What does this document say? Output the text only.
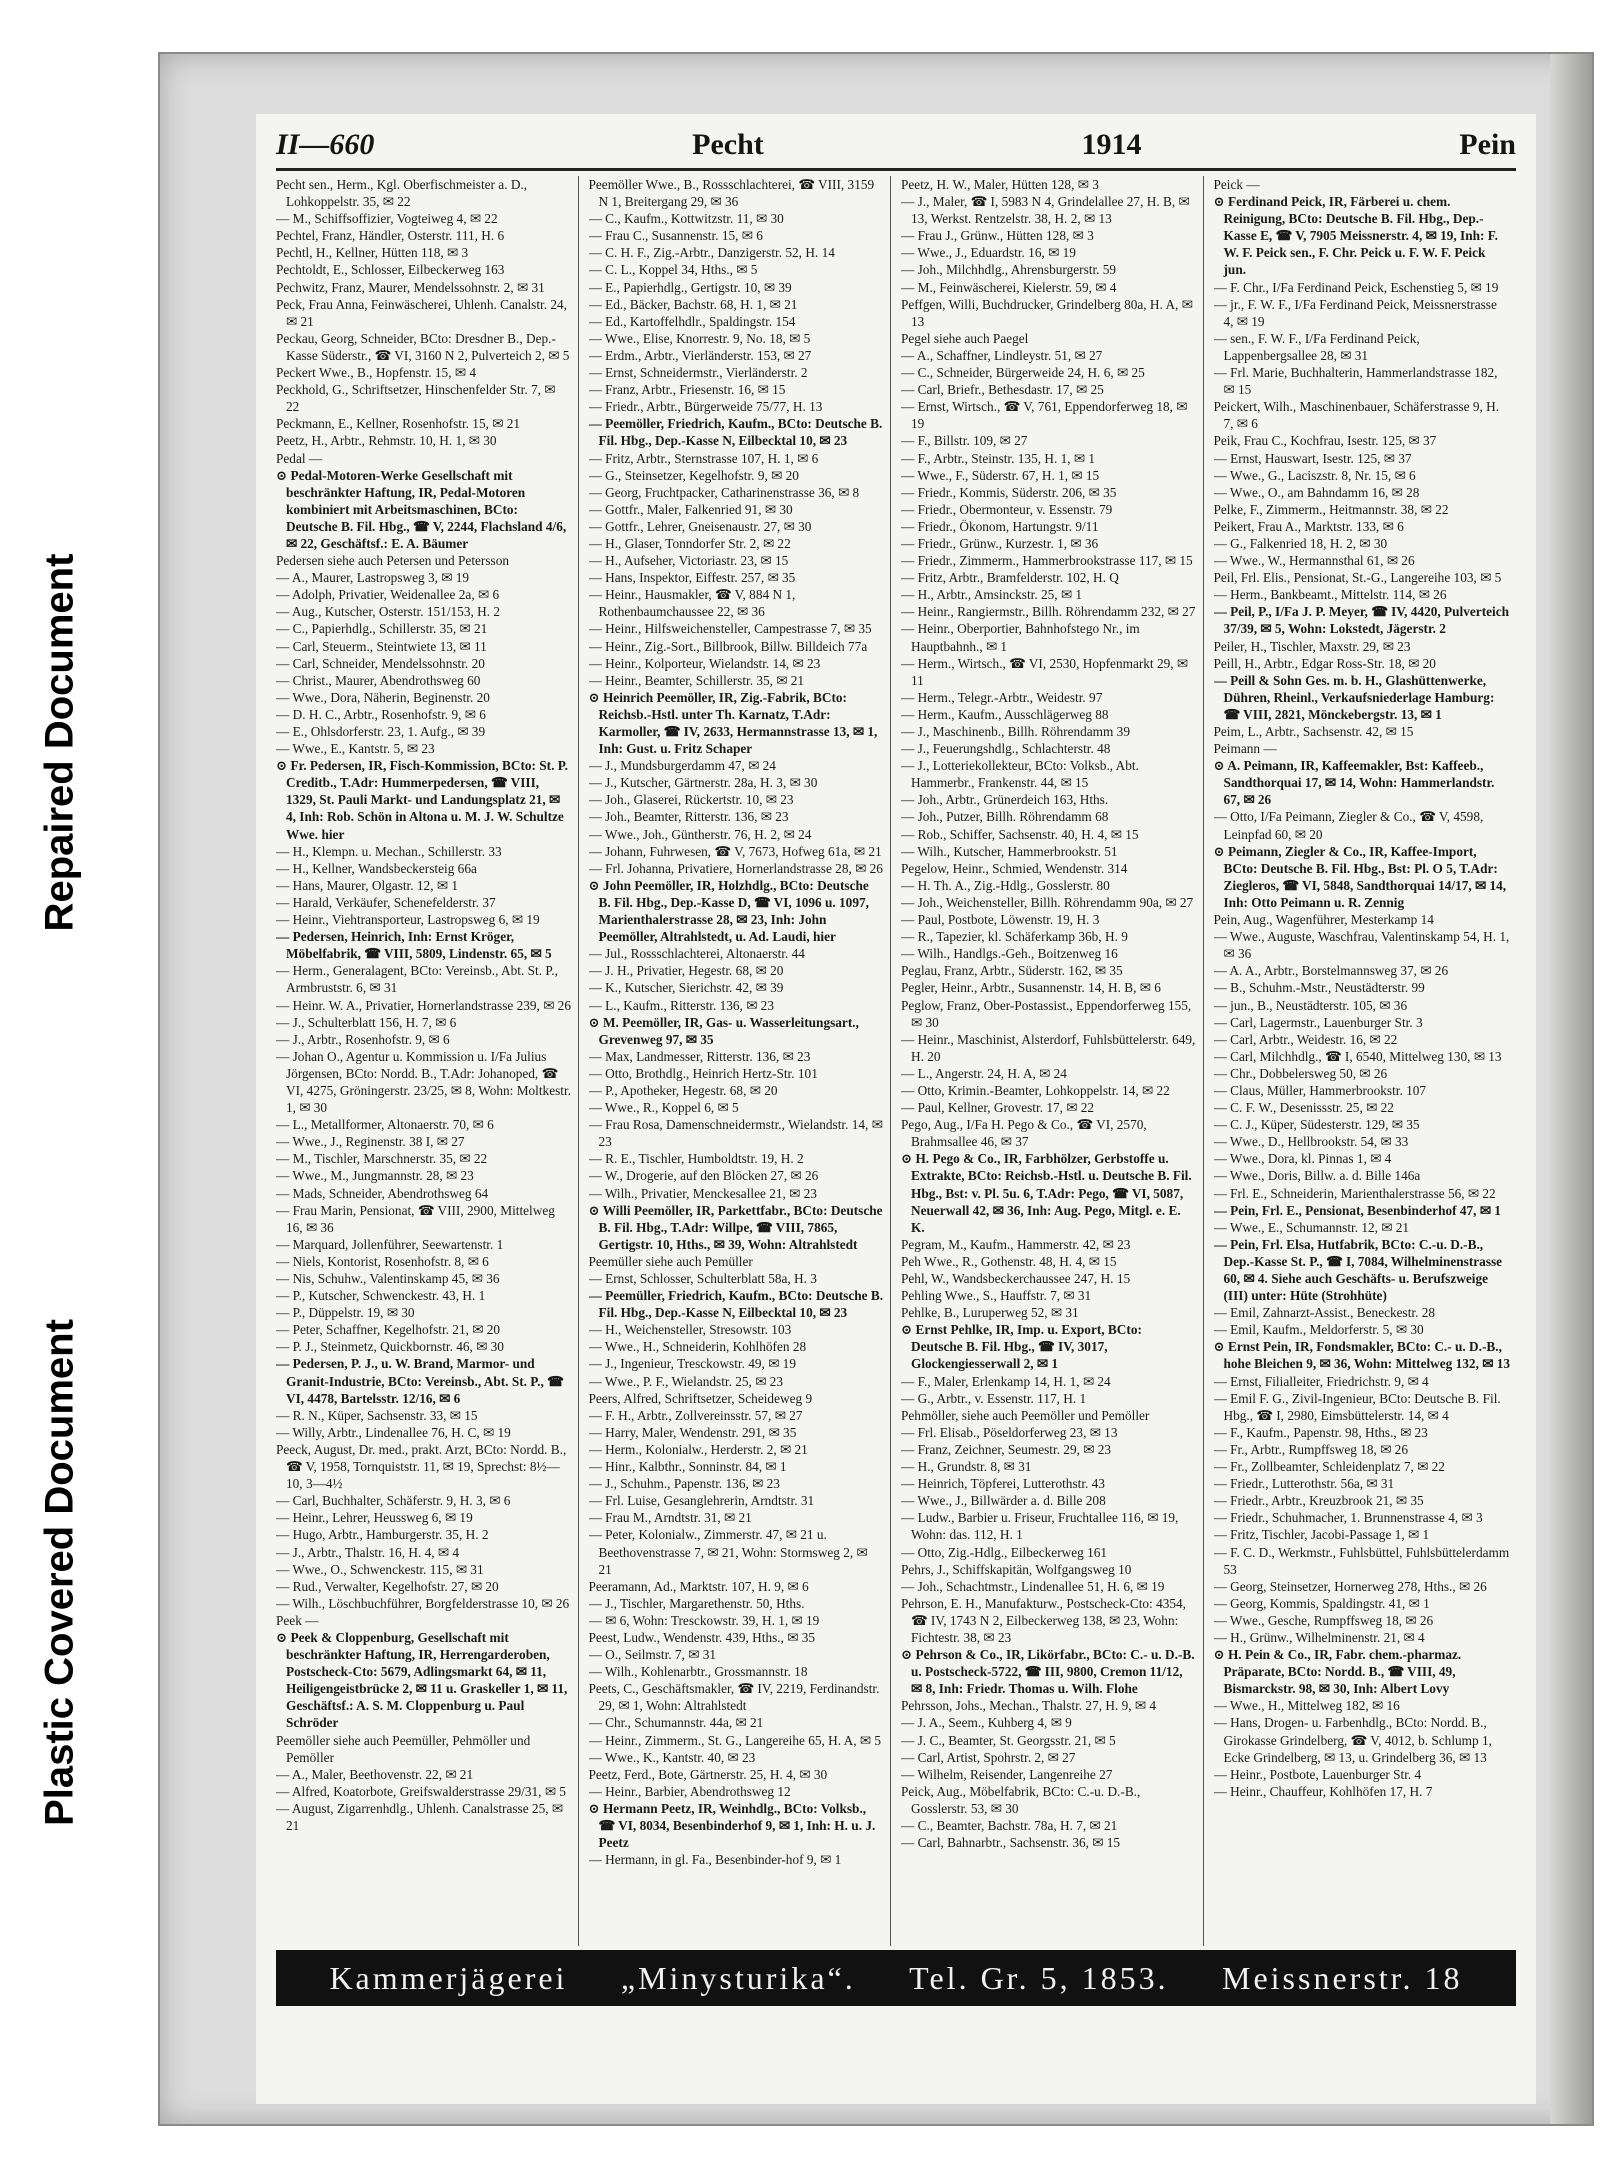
Repaired Document
Plastic Covered Document
II—660	Pecht	1914	Pein

Pecht sen., Herm., Kgl. Oberfischmeister a. D., Lohkoppelstr. 35, ✉ 22

— M., Schiffsoffizier, Vogteiweg 4, ✉ 22

Pechtel, Franz, Händler, Osterstr. 111, H. 6

Pechtl, H., Kellner, Hütten 118, ✉ 3

Pechtoldt, E., Schlosser, Eilbeckerweg 163

Pechwitz, Franz, Maurer, Mendelssohnstr. 2, ✉ 31

Peck, Frau Anna, Feinwäscherei, Uhlenh. Canalstr. 24, ✉ 21

Peckau, Georg, Schneider, BCto: Dresdner B., Dep.-Kasse Süderstr., ☎ VI, 3160 N 2, Pulverteich 2, ✉ 5

Peckert Wwe., B., Hopfenstr. 15, ✉ 4

Peckhold, G., Schriftsetzer, Hinschenfelder Str. 7, ✉ 22

Peckmann, E., Kellner, Rosenhofstr. 15, ✉ 21

Peetz, H., Arbtr., Rehmstr. 10, H. 1, ✉ 30

Pedal —

⊙ Pedal-Motoren-Werke Gesellschaft mit beschränkter Haftung, IR, Pedal-Motoren kombiniert mit Arbeitsmaschinen, BCto: Deutsche B. Fil. Hbg., ☎ V, 2244, Flachsland 4/6, ✉ 22, Geschäftsf.: E. A. Bäumer

Pedersen siehe auch Petersen und Petersson

— A., Maurer, Lastropsweg 3, ✉ 19

— Adolph, Privatier, Weidenallee 2a, ✉ 6

— Aug., Kutscher, Osterstr. 151/153, H. 2

— C., Papierhdlg., Schillerstr. 35, ✉ 21

— Carl, Steuerm., Steintwiete 13, ✉ 11

— Carl, Schneider, Mendelssohnstr. 20

— Christ., Maurer, Abendrothsweg 60

— Wwe., Dora, Näherin, Beginenstr. 20

— D. H. C., Arbtr., Rosenhofstr. 9, ✉ 6

— E., Ohlsdorferstr. 23, 1. Aufg., ✉ 39

— Wwe., E., Kantstr. 5, ✉ 23

⊙ Fr. Pedersen, IR, Fisch-Kommission, BCto: St. P. Creditb., T.Adr: Hummerpedersen, ☎ VIII, 1329, St. Pauli Markt- und Landungsplatz 21, ✉ 4, Inh: Rob. Schön in Altona u. M. J. W. Schultze Wwe. hier

— H., Klempn. u. Mechan., Schillerstr. 33

— H., Kellner, Wandsbeckersteig 66a

— Hans, Maurer, Olgastr. 12, ✉ 1

— Harald, Verkäufer, Schenefelderstr. 37

— Heinr., Viehtransporteur, Lastropsweg 6, ✉ 19

— Pedersen, Heinrich, Inh: Ernst Kröger, Möbelfabrik, ☎ VIII, 5809, Lindenstr. 65, ✉ 5

— Herm., Generalagent, BCto: Vereinsb., Abt. St. P., Armbruststr. 6, ✉ 31

— Heinr. W. A., Privatier, Hornerlandstrasse 239, ✉ 26

— J., Schulterblatt 156, H. 7, ✉ 6

— J., Arbtr., Rosenhofstr. 9, ✉ 6

— Johan O., Agentur u. Kommission u. I/Fa Julius Jörgensen, BCto: Nordd. B., T.Adr: Johanoped, ☎ VI, 4275, Gröningerstr. 23/25, ✉ 8, Wohn: Moltkestr. 1, ✉ 30

— L., Metallformer, Altonaerstr. 70, ✉ 6

— Wwe., J., Reginenstr. 38 I, ✉ 27

— M., Tischler, Marschnerstr. 35, ✉ 22

— Wwe., M., Jungmannstr. 28, ✉ 23

— Mads, Schneider, Abendrothsweg 64

— Frau Marin, Pensionat, ☎ VIII, 2900, Mittelweg 16, ✉ 36

— Marquard, Jollenführer, Seewartenstr. 1

— Niels, Kontorist, Rosenhofstr. 8, ✉ 6

— Nis, Schuhw., Valentinskamp 45, ✉ 36

— P., Kutscher, Schwenckestr. 43, H. 1

— P., Düppelstr. 19, ✉ 30

— Peter, Schaffner, Kegelhofstr. 21, ✉ 20

— P. J., Steinmetz, Quickbornstr. 46, ✉ 30

— Pedersen, P. J., u. W. Brand, Marmor- und Granit-Industrie, BCto: Vereinsb., Abt. St. P., ☎ VI, 4478, Bartelsstr. 12/16, ✉ 6

— R. N., Küper, Sachsenstr. 33, ✉ 15

— Willy, Arbtr., Lindenallee 76, H. C, ✉ 19

Peeck, August, Dr. med., prakt. Arzt, BCto: Nordd. B., ☎ V, 1958, Tornquiststr. 11, ✉ 19, Sprechst: 8½—10, 3—4½

— Carl, Buchhalter, Schäferstr. 9, H. 3, ✉ 6

— Heinr., Lehrer, Heussweg 6, ✉ 19

— Hugo, Arbtr., Hamburgerstr. 35, H. 2

— J., Arbtr., Thalstr. 16, H. 4, ✉ 4

— Wwe., O., Schwenckestr. 115, ✉ 31

— Rud., Verwalter, Kegelhofstr. 27, ✉ 20

— Wilh., Löschbuchführer, Borgfelderstrasse 10, ✉ 26

Peek —

⊙ Peek & Cloppenburg, Gesellschaft mit beschränkter Haftung, IR, Herrengarderoben, Postscheck-Cto: 5679, Adlingsmarkt 64, ✉ 11, Heiligengeistbrücke 2, ✉ 11 u. Graskeller 1, ✉ 11, Geschäftsf.: A. S. M. Cloppenburg u. Paul Schröder

Peemöller siehe auch Peemüller, Pehmöller und Pemöller

— A., Maler, Beethovenstr. 22, ✉ 21

— Alfred, Koatorbote, Greifswalderstrasse 29/31, ✉ 5

— August, Zigarrenhdlg., Uhlenh. Canalstrasse 25, ✉ 21

Peemöller Wwe., B., Rossschlachterei, ☎ VIII, 3159 N 1, Breitergang 29, ✉ 36

— C., Kaufm., Kottwitzstr. 11, ✉ 30

— Frau C., Susannenstr. 15, ✉ 6

— C. H. F., Zig.-Arbtr., Danzigerstr. 52, H. 14

— C. L., Koppel 34, Hths., ✉ 5

— E., Papierhdlg., Gertigstr. 10, ✉ 39

— Ed., Bäcker, Bachstr. 68, H. 1, ✉ 21

— Ed., Kartoffelhdlr., Spaldingstr. 154

— Wwe., Elise, Knorrestr. 9, No. 18, ✉ 5

— Erdm., Arbtr., Vierländerstr. 153, ✉ 27

— Ernst, Schneidermstr., Vierländerstr. 2

— Franz, Arbtr., Friesenstr. 16, ✉ 15

— Friedr., Arbtr., Bürgerweide 75/77, H. 13

— Peemöller, Friedrich, Kaufm., BCto: Deutsche B. Fil. Hbg., Dep.-Kasse N, Eilbecktal 10, ✉ 23

— Fritz, Arbtr., Sternstrasse 107, H. 1, ✉ 6

— G., Steinsetzer, Kegelhofstr. 9, ✉ 20

— Georg, Fruchtpacker, Catharinenstrasse 36, ✉ 8

— Gottfr., Maler, Falkenried 91, ✉ 30

— Gottfr., Lehrer, Gneisenaustr. 27, ✉ 30

— H., Glaser, Tonndorfer Str. 2, ✉ 22

— H., Aufseher, Victoriastr. 23, ✉ 15

— Hans, Inspektor, Eiffestr. 257, ✉ 35

— Heinr., Hausmakler, ☎ V, 884 N 1, Rothenbaumchaussee 22, ✉ 36

— Heinr., Hilfsweichensteller, Campestrasse 7, ✉ 35

— Heinr., Zig.-Sort., Billbrook, Billw. Billdeich 77a

— Heinr., Kolporteur, Wielandstr. 14, ✉ 23

— Heinr., Beamter, Schillerstr. 35, ✉ 21

⊙ Heinrich Peemöller, IR, Zig.-Fabrik, BCto: Reichsb.-Hstl. unter Th. Karnatz, T.Adr: Karmoller, ☎ IV, 2633, Hermannstrasse 13, ✉ 1, Inh: Gust. u. Fritz Schaper

— J., Mundsburgerdamm 47, ✉ 24

— J., Kutscher, Gärtnerstr. 28a, H. 3, ✉ 30

— Joh., Glaserei, Rückertstr. 10, ✉ 23

— Joh., Beamter, Ritterstr. 136, ✉ 23

— Wwe., Joh., Güntherstr. 76, H. 2, ✉ 24

— Johann, Fuhrwesen, ☎ V, 7673, Hofweg 61a, ✉ 21

— Frl. Johanna, Privatiere, Hornerlandstrasse 28, ✉ 26

⊙ John Peemöller, IR, Holzhdlg., BCto: Deutsche B. Fil. Hbg., Dep.-Kasse D, ☎ VI, 1096 u. 1097, Marienthalerstrasse 28, ✉ 23, Inh: John Peemöller, Altrahlstedt, u. Ad. Laudi, hier

— Jul., Rossschlachterei, Altonaerstr. 44

— J. H., Privatier, Hegestr. 68, ✉ 20

— K., Kutscher, Sierichstr. 42, ✉ 39

— L., Kaufm., Ritterstr. 136, ✉ 23

⊙ M. Peemöller, IR, Gas- u. Wasserleitungsart., Grevenweg 97, ✉ 35

— Max, Landmesser, Ritterstr. 136, ✉ 23

— Otto, Brothdlg., Heinrich Hertz-Str. 101

— P., Apotheker, Hegestr. 68, ✉ 20

— Wwe., R., Koppel 6, ✉ 5

— Frau Rosa, Damenschneidermstr., Wielandstr. 14, ✉ 23

— R. E., Tischler, Humboldtstr. 19, H. 2

— W., Drogerie, auf den Blöcken 27, ✉ 26

— Wilh., Privatier, Menckesallee 21, ✉ 23

⊙ Willi Peemöller, IR, Parkettfabr., BCto: Deutsche B. Fil. Hbg., T.Adr: Willpe, ☎ VIII, 7865, Gertigstr. 10, Hths., ✉ 39, Wohn: Altrahlstedt

Peemüller siehe auch Pemüller

— Ernst, Schlosser, Schulterblatt 58a, H. 3

— Peemüller, Friedrich, Kaufm., BCto: Deutsche B. Fil. Hbg., Dep.-Kasse N, Eilbecktal 10, ✉ 23

— H., Weichensteller, Stresowstr. 103

— Wwe., H., Schneiderin, Kohlhöfen 28

— J., Ingenieur, Tresckowstr. 49, ✉ 19

— Wwe., P. F., Wielandstr. 25, ✉ 23

Peers, Alfred, Schriftsetzer, Scheideweg 9

— F. H., Arbtr., Zollvereinsstr. 57, ✉ 27

— Harry, Maler, Wendenstr. 291, ✉ 35

— Herm., Kolonialw., Herderstr. 2, ✉ 21

— Hinr., Kalbthr., Sonninstr. 84, ✉ 1

— J., Schuhm., Papenstr. 136, ✉ 23

— Frl. Luise, Gesanglehrerin, Arndtstr. 31

— Frau M., Arndtstr. 31, ✉ 21

— Peter, Kolonialw., Zimmerstr. 47, ✉ 21 u. Beethovenstrasse 7, ✉ 21, Wohn: Stormsweg 2, ✉ 21

Peeramann, Ad., Marktstr. 107, H. 9, ✉ 6

— J., Tischler, Margarethenstr. 50, Hths.

— ✉ 6, Wohn: Tresckowstr. 39, H. 1, ✉ 19

Peest, Ludw., Wendenstr. 439, Hths., ✉ 35

— O., Seilmstr. 7, ✉ 31

— Wilh., Kohlenarbtr., Grossmannstr. 18

Peets, C., Geschäftsmakler, ☎ IV, 2219, Ferdinandstr. 29, ✉ 1, Wohn: Altrahlstedt

— Chr., Schumannstr. 44a, ✉ 21

— Heinr., Zimmerm., St. G., Langereihe 65, H. A, ✉ 5

— Wwe., K., Kantstr. 40, ✉ 23

Peetz, Ferd., Bote, Gärtnerstr. 25, H. 4, ✉ 30

— Heinr., Barbier, Abendrothsweg 12

⊙ Hermann Peetz, IR, Weinhdlg., BCto: Volksb., ☎ VI, 8034, Besenbinderhof 9, ✉ 1, Inh: H. u. J. Peetz

— Hermann, in gl. Fa., Besenbinder-hof 9, ✉ 1

Peetz, H. W., Maler, Hütten 128, ✉ 3

— J., Maler, ☎ I, 5983 N 4, Grindelallee 27, H. B, ✉ 13, Werkst. Rentzelstr. 38, H. 2, ✉ 13

— Frau J., Grünw., Hütten 128, ✉ 3

— Wwe., J., Eduardstr. 16, ✉ 19

— Joh., Milchhdlg., Ahrensburgerstr. 59

— M., Feinwäscherei, Kielerstr. 59, ✉ 4

Peffgen, Willi, Buchdrucker, Grindelberg 80a, H. A, ✉ 13

Pegel siehe auch Paegel

— A., Schaffner, Lindleystr. 51, ✉ 27

— C., Schneider, Bürgerweide 24, H. 6, ✉ 25

— Carl, Briefr., Bethesdastr. 17, ✉ 25

— Ernst, Wirtsch., ☎ V, 761, Eppendorferweg 18, ✉ 19

— F., Billstr. 109, ✉ 27

— F., Arbtr., Steinstr. 135, H. 1, ✉ 1

— Wwe., F., Süderstr. 67, H. 1, ✉ 15

— Friedr., Kommis, Süderstr. 206, ✉ 35

— Friedr., Obermonteur, v. Essenstr. 79

— Friedr., Ökonom, Hartungstr. 9/11

— Friedr., Grünw., Kurzestr. 1, ✉ 36

— Friedr., Zimmerm., Hammerbrookstrasse 117, ✉ 15

— Fritz, Arbtr., Bramfelderstr. 102, H. Q

— H., Arbtr., Amsinckstr. 25, ✉ 1

— Heinr., Rangiermstr., Billh. Röhrendamm 232, ✉ 27

— Heinr., Oberportier, Bahnhofstego Nr., im Hauptbahnh., ✉ 1

— Herm., Wirtsch., ☎ VI, 2530, Hopfenmarkt 29, ✉ 11

— Herm., Telegr.-Arbtr., Weidestr. 97

— Herm., Kaufm., Ausschlägerweg 88

— J., Maschinenb., Billh. Röhrendamm 39

— J., Feuerungshdlg., Schlachterstr. 48

— J., Lotteriekollekteur, BCto: Volksb., Abt. Hammerbr., Frankenstr. 44, ✉ 15

— Joh., Arbtr., Grünerdeich 163, Hths.

— Joh., Putzer, Billh. Röhrendamm 68

— Rob., Schiffer, Sachsenstr. 40, H. 4, ✉ 15

— Wilh., Kutscher, Hammerbrookstr. 51

Pegelow, Heinr., Schmied, Wendenstr. 314

— H. Th. A., Zig.-Hdlg., Gosslerstr. 80

— Joh., Weichensteller, Billh. Röhrendamm 90a, ✉ 27

— Paul, Postbote, Löwenstr. 19, H. 3

— R., Tapezier, kl. Schäferkamp 36b, H. 9

— Wilh., Handlgs.-Geh., Boitzenweg 16

Peglau, Franz, Arbtr., Süderstr. 162, ✉ 35

Pegler, Heinr., Arbtr., Susannenstr. 14, H. B, ✉ 6

Peglow, Franz, Ober-Postassist., Eppendorferweg 155, ✉ 30

— Heinr., Maschinist, Alsterdorf, Fuhlsbüttelerstr. 649, H. 20

— L., Angerstr. 24, H. A, ✉ 24

— Otto, Krimin.-Beamter, Lohkoppelstr. 14, ✉ 22

— Paul, Kellner, Grovestr. 17, ✉ 22

Pego, Aug., I/Fa H. Pego & Co., ☎ VI, 2570, Brahmsallee 46, ✉ 37

⊙ H. Pego & Co., IR, Farbhölzer, Gerbstoffe u. Extrakte, BCto: Reichsb.-Hstl. u. Deutsche B. Fil. Hbg., Bst: v. Pl. 5u. 6, T.Adr: Pego, ☎ VI, 5087, Neuerwall 42, ✉ 36, Inh: Aug. Pego, Mitgl. e. E. K.

Pegram, M., Kaufm., Hammerstr. 42, ✉ 23

Peh Wwe., R., Gothenstr. 48, H. 4, ✉ 15

Pehl, W., Wandsbeckerchaussee 247, H. 15

Pehling Wwe., S., Hauffstr. 7, ✉ 31

Pehlke, B., Luruperweg 52, ✉ 31

⊙ Ernst Pehlke, IR, Imp. u. Export, BCto: Deutsche B. Fil. Hbg., ☎ IV, 3017, Glockengiesserwall 2, ✉ 1

— F., Maler, Erlenkamp 14, H. 1, ✉ 24

— G., Arbtr., v. Essenstr. 117, H. 1

Pehmöller, siehe auch Peemöller und Pemöller

— Frl. Elisab., Pöseldorferweg 23, ✉ 13

— Franz, Zeichner, Seumestr. 29, ✉ 23

— H., Grundstr. 8, ✉ 31

— Heinrich, Töpferei, Lutterothstr. 43

— Wwe., J., Billwärder a. d. Bille 208

— Ludw., Barbier u. Friseur, Fruchtallee 116, ✉ 19, Wohn: das. 112, H. 1

— Otto, Zig.-Hdlg., Eilbeckerweg 161

Pehrs, J., Schiffskapitän, Wolfgangsweg 10

— Joh., Schachtmstr., Lindenallee 51, H. 6, ✉ 19

Pehrson, E. H., Manufakturw., Postscheck-Cto: 4354, ☎ IV, 1743 N 2, Eilbeckerweg 138, ✉ 23, Wohn: Fichtestr. 38, ✉ 23

⊙ Pehrson & Co., IR, Likörfabr., BCto: C.- u. D.-B. u. Postscheck-5722, ☎ III, 9800, Cremon 11/12, ✉ 8, Inh: Friedr. Thomas u. Wilh. Flohe

Pehrsson, Johs., Mechan., Thalstr. 27, H. 9, ✉ 4

— J. A., Seem., Kuhberg 4, ✉ 9

— J. C., Beamter, St. Georgsstr. 21, ✉ 5

— Carl, Artist, Spohrstr. 2, ✉ 27

— Wilhelm, Reisender, Langenreihe 27

Peick, Aug., Möbelfabrik, BCto: C.-u. D.-B., Gosslerstr. 53, ✉ 30

— C., Beamter, Bachstr. 78a, H. 7, ✉ 21

— Carl, Bahnarbtr., Sachsenstr. 36, ✉ 15

Peick —

⊙ Ferdinand Peick, IR, Färberei u. chem. Reinigung, BCto: Deutsche B. Fil. Hbg., Dep.-Kasse E, ☎ V, 7905 Meissnerstr. 4, ✉ 19, Inh: F. W. F. Peick sen., F. Chr. Peick u. F. W. F. Peick jun.

— F. Chr., I/Fa Ferdinand Peick, Eschenstieg 5, ✉ 19

— jr., F. W. F., I/Fa Ferdinand Peick, Meissnerstrasse 4, ✉ 19

— sen., F. W. F., I/Fa Ferdinand Peick, Lappenbergsallee 28, ✉ 31

— Frl. Marie, Buchhalterin, Hammerlandstrasse 182, ✉ 15

Peickert, Wilh., Maschinenbauer, Schäferstrasse 9, H. 7, ✉ 6

Peik, Frau C., Kochfrau, Isestr. 125, ✉ 37

— Ernst, Hauswart, Isestr. 125, ✉ 37

— Wwe., G., Laciszstr. 8, Nr. 15, ✉ 6

— Wwe., O., am Bahndamm 16, ✉ 28

Pelke, F., Zimmerm., Heitmannstr. 38, ✉ 22

Peikert, Frau A., Marktstr. 133, ✉ 6

— G., Falkenried 18, H. 2, ✉ 30

— Wwe., W., Hermannsthal 61, ✉ 26

Peil, Frl. Elis., Pensionat, St.-G., Langereihe 103, ✉ 5

— Herm., Bankbeamt., Mittelstr. 114, ✉ 26

— Peil, P., I/Fa J. P. Meyer, ☎ IV, 4420, Pulverteich 37/39, ✉ 5, Wohn: Lokstedt, Jägerstr. 2

Peiler, H., Tischler, Maxstr. 29, ✉ 23

Peill, H., Arbtr., Edgar Ross-Str. 18, ✉ 20

— Peill & Sohn Ges. m. b. H., Glashüttenwerke, Dühren, Rheinl., Verkaufsniederlage Hamburg: ☎ VIII, 2821, Mönckebergstr. 13, ✉ 1

Peim, L., Arbtr., Sachsenstr. 42, ✉ 15

Peimann —

⊙ A. Peimann, IR, Kaffeemakler, Bst: Kaffeeb., Sandthorquai 17, ✉ 14, Wohn: Hammerlandstr. 67, ✉ 26

— Otto, I/Fa Peimann, Ziegler & Co., ☎ V, 4598, Leinpfad 60, ✉ 20

⊙ Peimann, Ziegler & Co., IR, Kaffee-Import, BCto: Deutsche B. Fil. Hbg., Bst: Pl. O 5, T.Adr: Ziegleros, ☎ VI, 5848, Sandthorquai 14/17, ✉ 14, Inh: Otto Peimann u. R. Zennig

Pein, Aug., Wagenführer, Mesterkamp 14

— Wwe., Auguste, Waschfrau, Valentinskamp 54, H. 1, ✉ 36

— A. A., Arbtr., Borstelmannsweg 37, ✉ 26

— B., Schuhm.-Mstr., Neustädterstr. 99

— jun., B., Neustädterstr. 105, ✉ 36

— Carl, Lagermstr., Lauenburger Str. 3

— Carl, Arbtr., Weidestr. 16, ✉ 22

— Carl, Milchhdlg., ☎ I, 6540, Mittelweg 130, ✉ 13

— Chr., Dobbelersweg 50, ✉ 26

— Claus, Müller, Hammerbrookstr. 107

— C. F. W., Desenissstr. 25, ✉ 22

— C. J., Küper, Südesterstr. 129, ✉ 35

— Wwe., D., Hellbrookstr. 54, ✉ 33

— Wwe., Dora, kl. Pinnas 1, ✉ 4

— Wwe., Doris, Billw. a. d. Bille 146a

— Frl. E., Schneiderin, Marienthalerstrasse 56, ✉ 22

— Pein, Frl. E., Pensionat, Besenbinderhof 47, ✉ 1

— Wwe., E., Schumannstr. 12, ✉ 21

— Pein, Frl. Elsa, Hutfabrik, BCto: C.-u. D.-B., Dep.-Kasse St. P., ☎ I, 7084, Wilhelminenstrasse 60, ✉ 4. Siehe auch Geschäfts- u. Berufszweige (III) unter: Hüte (Strohhüte)

— Emil, Zahnarzt-Assist., Beneckestr. 28

— Emil, Kaufm., Meldorferstr. 5, ✉ 30

⊙ Ernst Pein, IR, Fondsmakler, BCto: C.- u. D.-B., hohe Bleichen 9, ✉ 36, Wohn: Mittelweg 132, ✉ 13

— Ernst, Filialleiter, Friedrichstr. 9, ✉ 4

— Emil F. G., Zivil-Ingenieur, BCto: Deutsche B. Fil. Hbg., ☎ I, 2980, Eimsbüttelerstr. 14, ✉ 4

— F., Kaufm., Papenstr. 98, Hths., ✉ 23

— Fr., Arbtr., Rumpffsweg 18, ✉ 26

— Fr., Zollbeamter, Schleidenplatz 7, ✉ 22

— Friedr., Lutterothstr. 56a, ✉ 31

— Friedr., Arbtr., Kreuzbrook 21, ✉ 35

— Friedr., Schuhmacher, 1. Brunnenstrasse 4, ✉ 3

— Fritz, Tischler, Jacobi-Passage 1, ✉ 1

— F. C. D., Werkmstr., Fuhlsbüttel, Fuhlsbüttelerdamm 53

— Georg, Steinsetzer, Hornerweg 278, Hths., ✉ 26

— Georg, Kommis, Spaldingstr. 41, ✉ 1

— Wwe., Gesche, Rumpffsweg 18, ✉ 26

— H., Grünw., Wilhelminenstr. 21, ✉ 4

⊙ H. Pein & Co., IR, Fabr. chem.-pharmaz. Präparate, BCto: Nordd. B., ☎ VIII, 49, Bismarckstr. 98, ✉ 30, Inh: Albert Lovy

— Wwe., H., Mittelweg 182, ✉ 16

— Hans, Drogen- u. Farbenhdlg., BCto: Nordd. B., Girokasse Grindelberg, ☎ V, 4012, b. Schlump 1, Ecke Grindelberg, ✉ 13, u. Grindelberg 36, ✉ 13

— Heinr., Postbote, Lauenburger Str. 4

— Heinr., Chauffeur, Kohlhöfen 17, H. 7

Kammerjägerei „Minysturika“. Tel. Gr. 5, 1853. Meissnerstr. 18
